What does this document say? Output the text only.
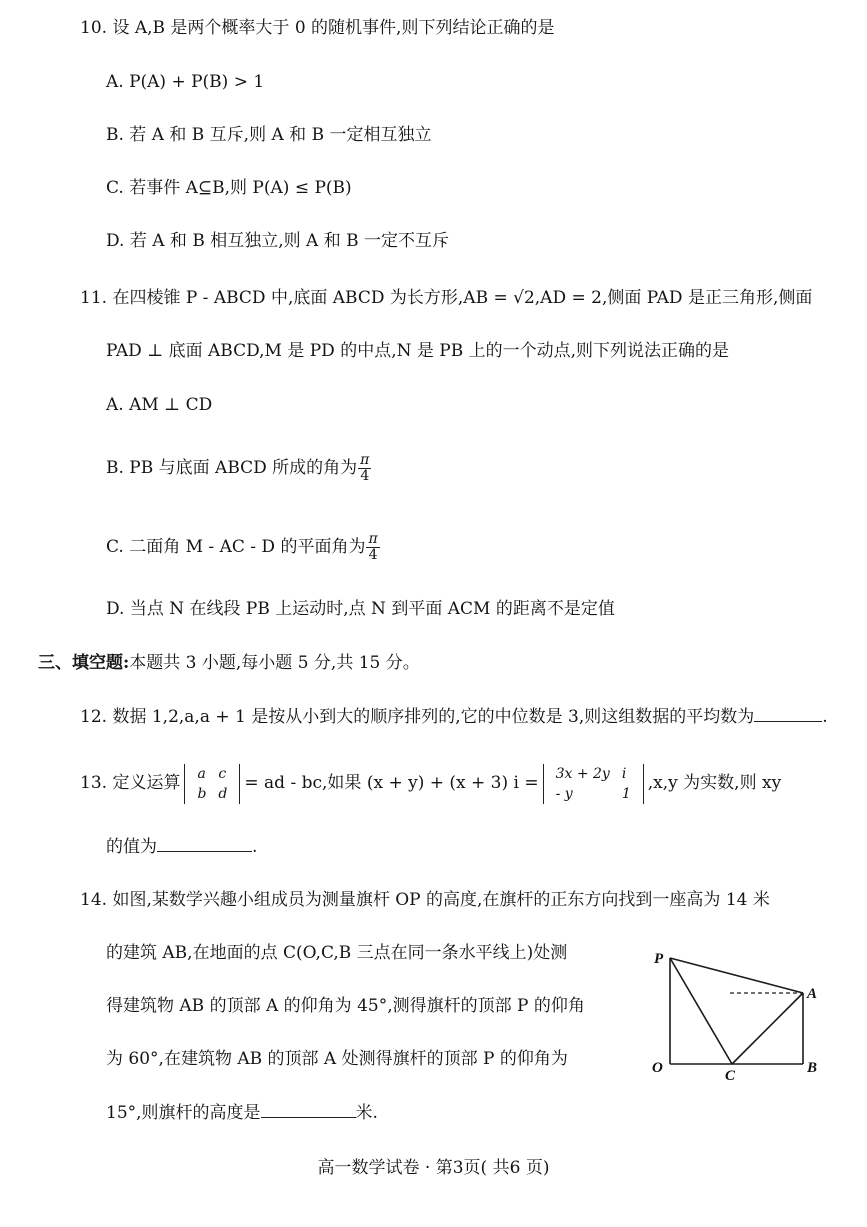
10. 设 A,B 是两个概率大于 0 的随机事件,则下列结论正确的是
A. P(A) + P(B) > 1
B. 若 A 和 B 互斥,则 A 和 B 一定相互独立
C. 若事件 A⊆B,则 P(A) ≤ P(B)
D. 若 A 和 B 相互独立,则 A 和 B 一定不互斥
11. 在四棱锥 P - ABCD 中,底面 ABCD 为长方形,AB = √2,AD = 2,侧面 PAD 是正三角形,侧面
PAD ⊥ 底面 ABCD,M 是 PD 的中点,N 是 PB 上的一个动点,则下列说法正确的是
A. AM ⊥ CD
B. PB 与底面 ABCD 所成的角为 $\frac{\pi}{4}$
C. 二面角 M - AC - D 的平面角为 $\frac{\pi}{4}$
D. 当点 N 在线段 PB 上运动时,点 N 到平面 ACM 的距离不是定值
三、填空题:本题共 3 小题,每小题 5 分,共 15 分。
12. 数据 1,2,a,a + 1 是按从小到大的顺序排列的,它的中位数是 3,则这组数据的平均数为	.
13. 定义运算 a	c
b	d
= ad - bc,如果 (x + y) + (x + 3) i = 3x + 2y	i
- y	1
,x,y 为实数,则 xy
的值为	.
14. 如图,某数学兴趣小组成员为测量旗杆 OP 的高度,在旗杆的正东方向找到一座高为 14 米
的建筑 AB,在地面的点 C(O,C,B 三点在同一条水平线上)处测
得建筑物 AB 的顶部 A 的仰角为 45°,测得旗杆的顶部 P 的仰角
为 60°,在建筑物 AB 的顶部 A 处测得旗杆的顶部 P 的仰角为
15°,则旗杆的高度是	米.
P
A
O	C	B
高一数学试卷 · 第3页( 共6 页)
